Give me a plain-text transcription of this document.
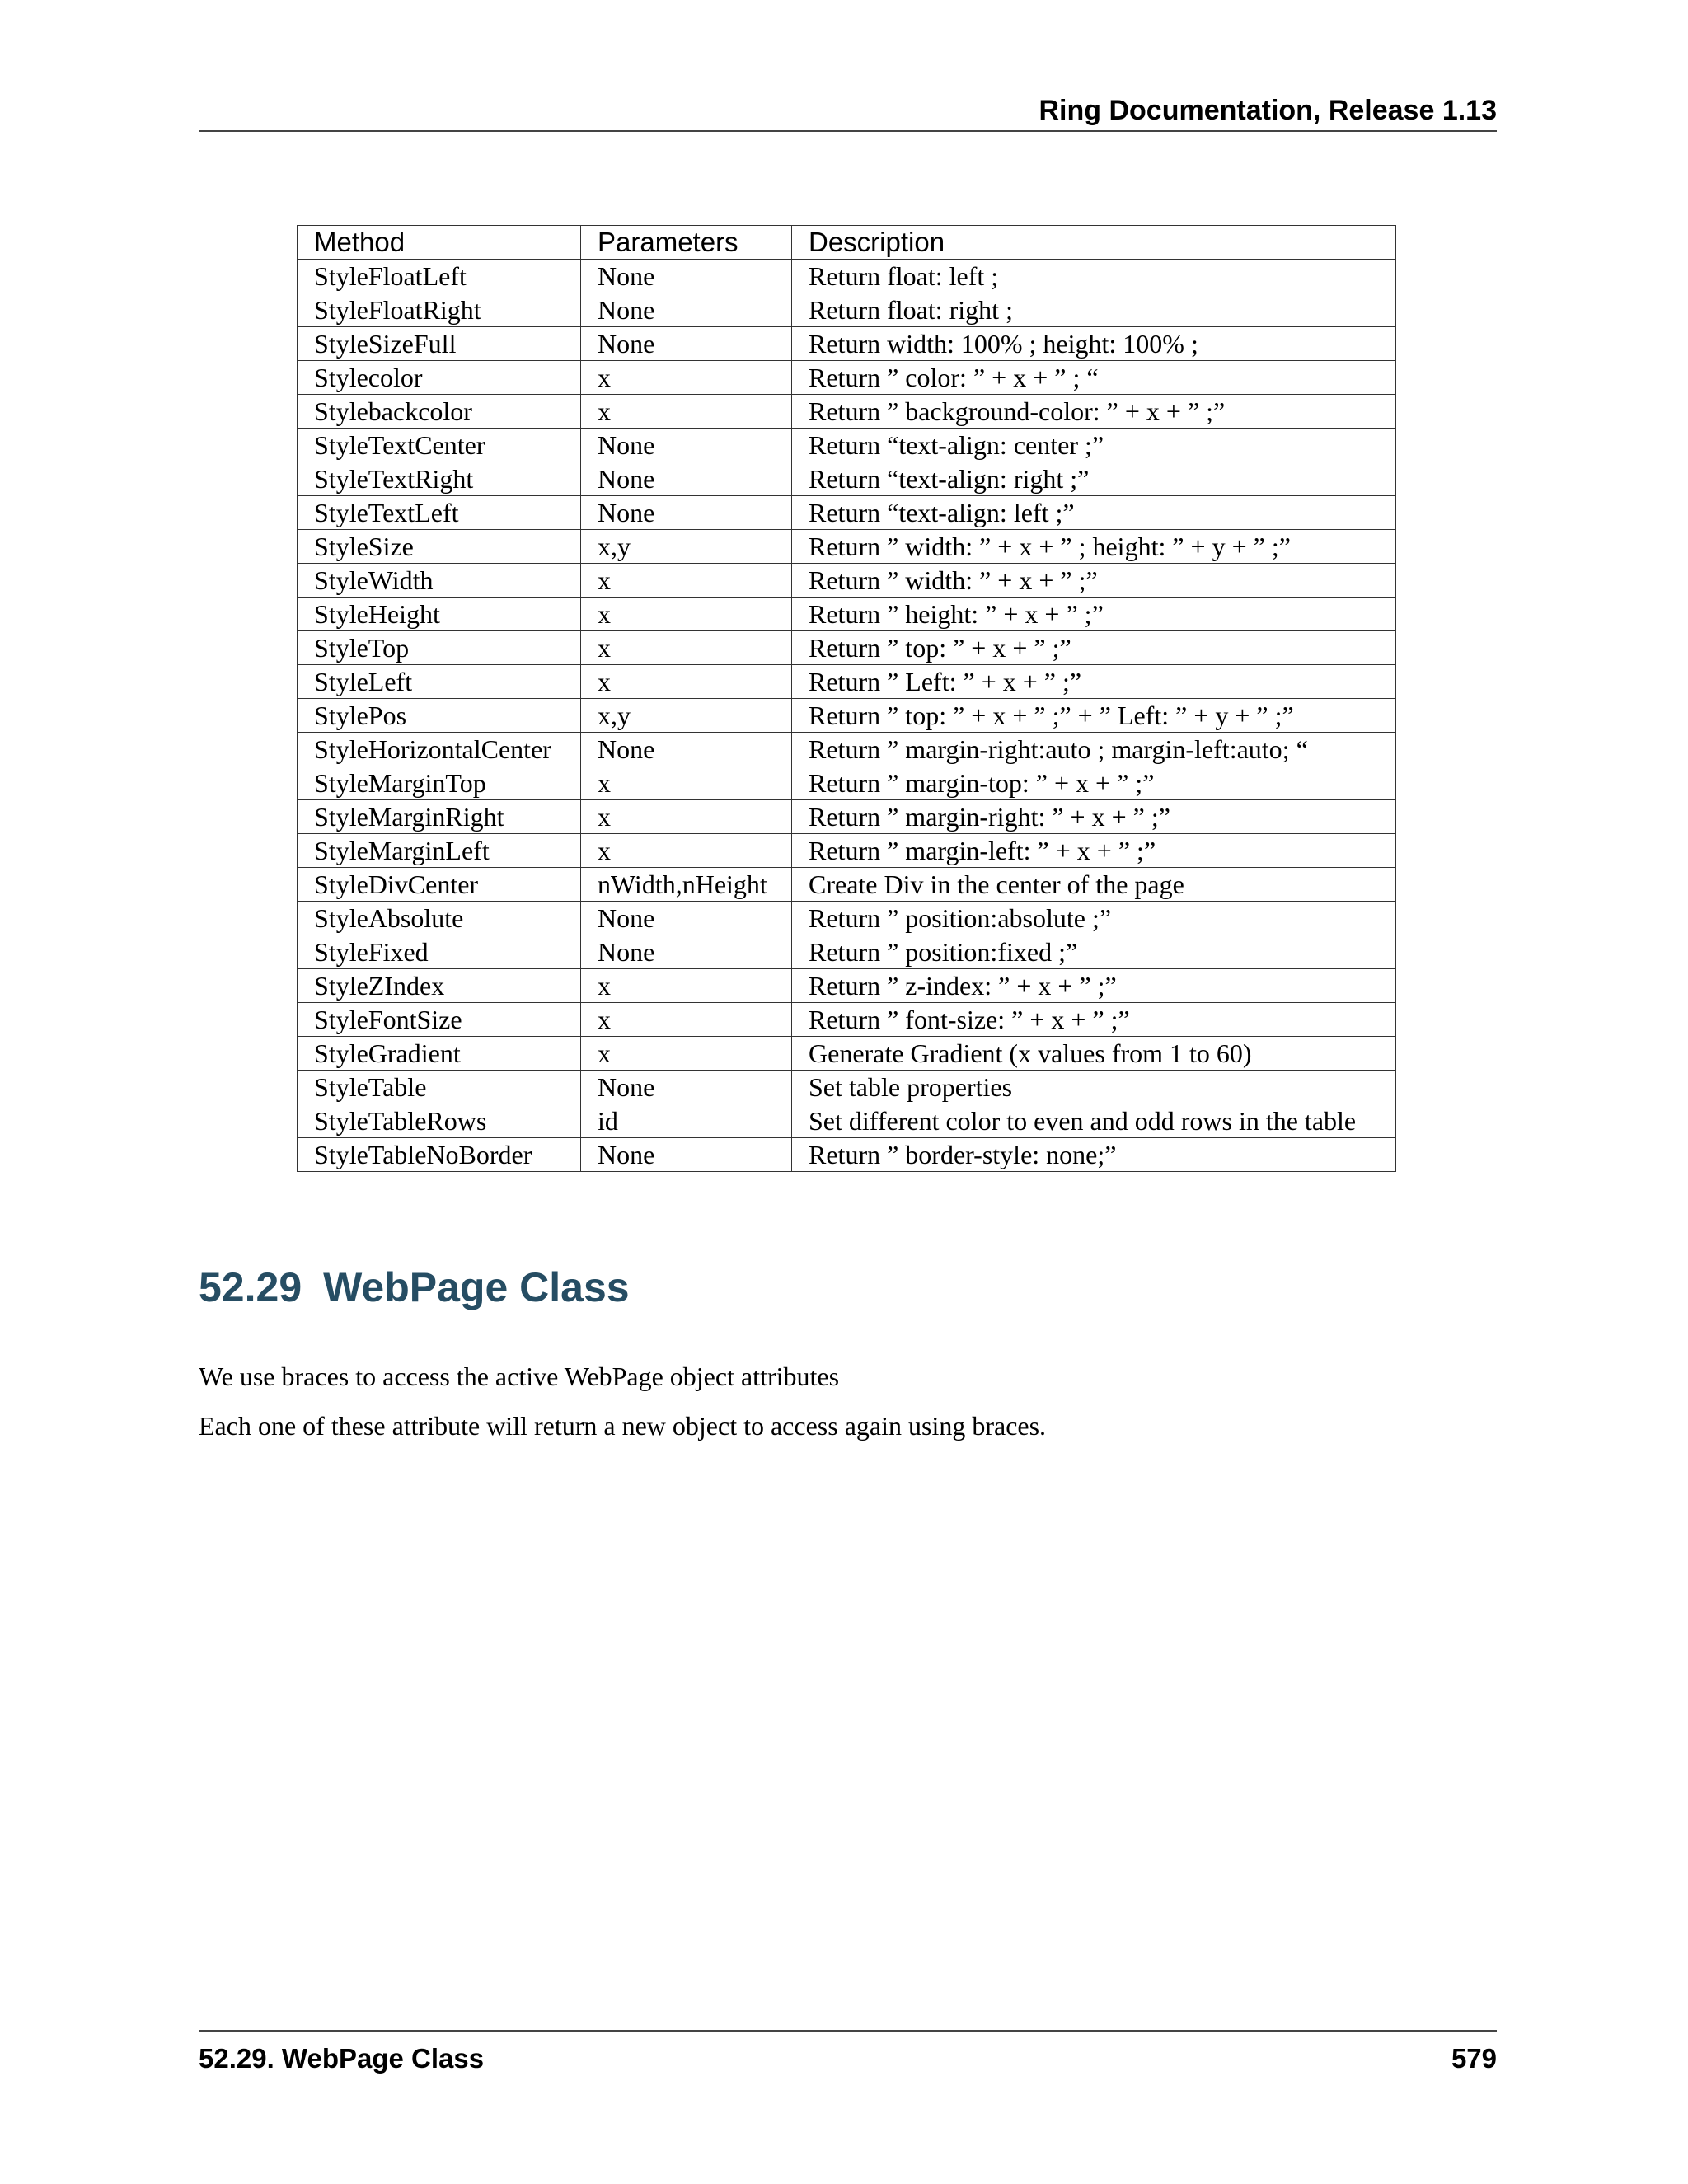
Ring Documentation, Release 1.13
Method	Parameters	Description
StyleFloatLeft	None	Return float: left ;
StyleFloatRight	None	Return float: right ;
StyleSizeFull	None	Return width: 100% ; height: 100% ;
Stylecolor	x	Return ” color: ” + x + ” ; “
Stylebackcolor	x	Return ” background-color: ” + x + ” ;”
StyleTextCenter	None	Return “text-align: center ;”
StyleTextRight	None	Return “text-align: right ;”
StyleTextLeft	None	Return “text-align: left ;”
StyleSize	x,y	Return ” width: ” + x + ” ; height: ” + y + ” ;”
StyleWidth	x	Return ” width: ” + x + ” ;”
StyleHeight	x	Return ” height: ” + x + ” ;”
StyleTop	x	Return ” top: ” + x + ” ;”
StyleLeft	x	Return ” Left: ” + x + ” ;”
StylePos	x,y	Return ” top: ” + x + ” ;” + ” Left: ” + y + ” ;”
StyleHorizontalCenter	None	Return ” margin-right:auto ; margin-left:auto; “
StyleMarginTop	x	Return ” margin-top: ” + x + ” ;”
StyleMarginRight	x	Return ” margin-right: ” + x + ” ;”
StyleMarginLeft	x	Return ” margin-left: ” + x + ” ;”
StyleDivCenter	nWidth,nHeight	Create Div in the center of the page
StyleAbsolute	None	Return ” position:absolute ;”
StyleFixed	None	Return ” position:fixed ;”
StyleZIndex	x	Return ” z-index: ” + x + ” ;”
StyleFontSize	x	Return ” font-size: ” + x + ” ;”
StyleGradient	x	Generate Gradient (x values from 1 to 60)
StyleTable	None	Set table properties
StyleTableRows	id	Set different color to even and odd rows in the table
StyleTableNoBorder	None	Return ” border-style: none;”
52.29 WebPage Class

We use braces to access the active WebPage object attributes

Each one of these attribute will return a new object to access again using braces.

52.29. WebPage Class	579
